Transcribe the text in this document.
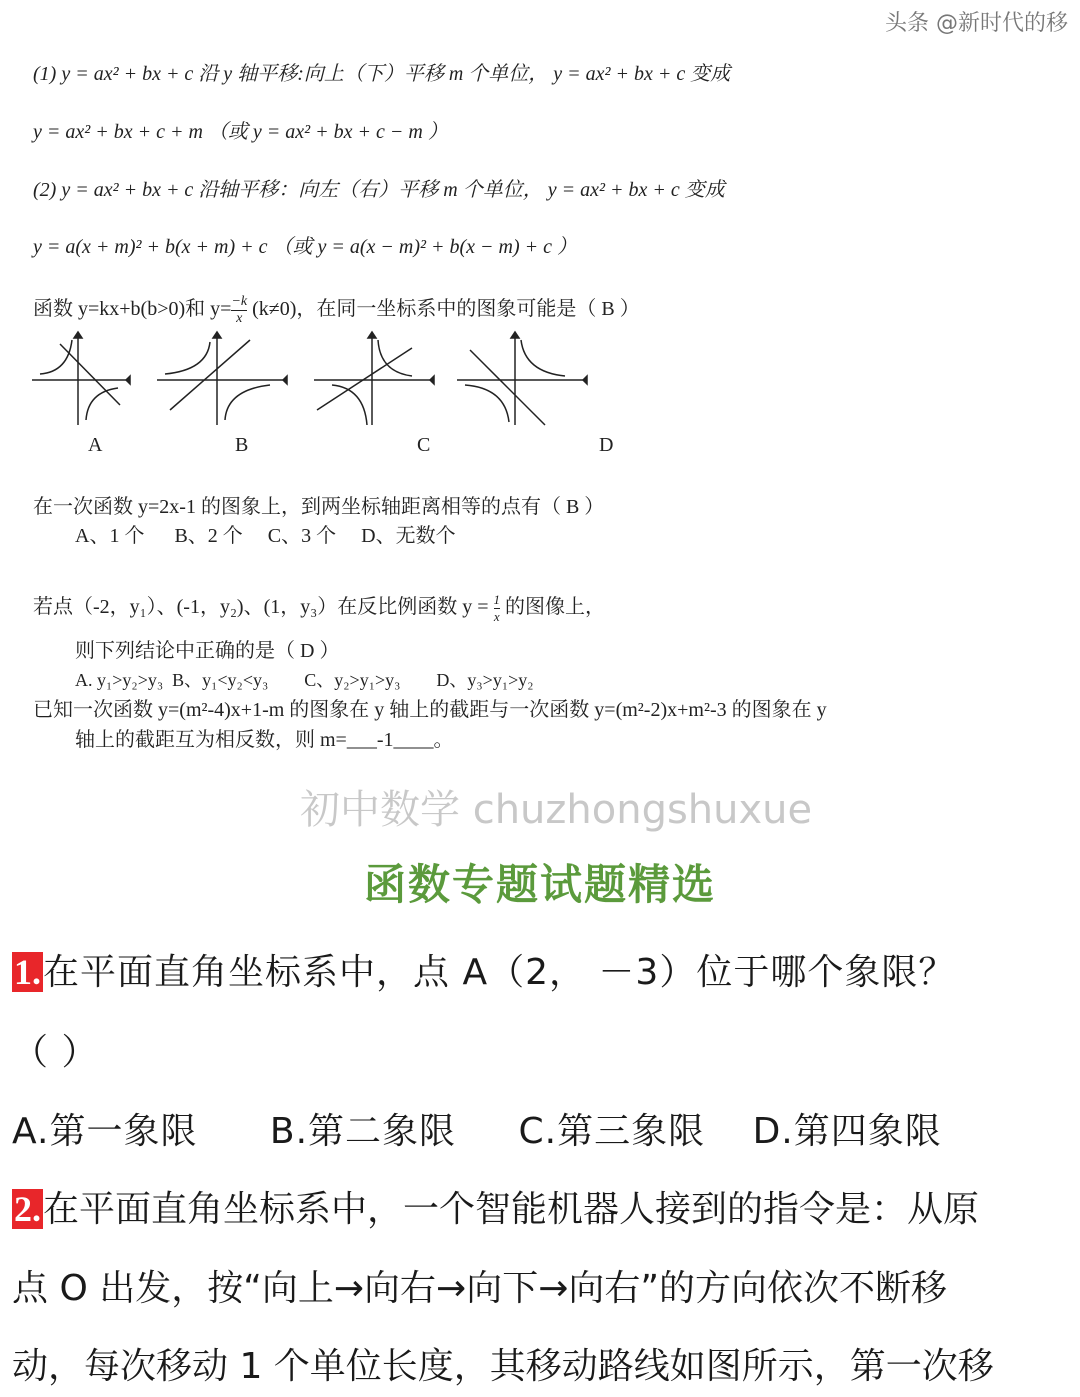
(1) y = ax² + bx + c 沿 y 轴平移:向上（下）平移 m 个单位， y = ax² + bx + c 变成
y = ax² + bx + c + m （或 y = ax² + bx + c − m ）
(2) y = ax² + bx + c 沿轴平移：向左（右）平移 m 个单位， y = ax² + bx + c 变成
y = a(x + m)² + b(x + m) + c （或 y = a(x − m)² + b(x − m) + c ）
函数 y=kx+b(b>0)和 $y= \frac{-k}{x} (k\ne 0)$，在同一坐标系中的图象可能是（ B ）
A	B	C	D
在一次函数 y=2x-1 的图象上，到两坐标轴距离相等的点有（ B ）
A、1 个      B、2 个     C、3 个     D、无数个
若点（-2，y₁）、(-1，y₂)、(1，y₃）在反比例函数 $y = \frac{1}{x}$ 的图像上，
则下列结论中正确的是（ D ）
A. y₁>y₂>y₃  B、y₁<y₂<y₃        C、y₂>y₁>y₃        D、y₃>y₁>y₂
已知一次函数 y=(m²-4)x+1-m 的图象在 y 轴上的截距与一次函数 y=(m²-2)x+m²-3 的图象在 y
轴上的截距互为相反数，则 m=___-1____。
初中数学 chuzhongshuxue
函数专题试题精选
1.在平面直角坐标系中，点 A（2， －3）位于哪个象限？
（ ）
A.第一象限 B.第二象限 C.第三象限 D.第四象限
2.在平面直角坐标系中，一个智能机器人接到的指令是：从原
点 O 出发，按“向上→向右→向下→向右”的方向依次不断移
动，每次移动 1 个单位长度，其移动路线如图所示，第一次移
头条 @新时代的移
